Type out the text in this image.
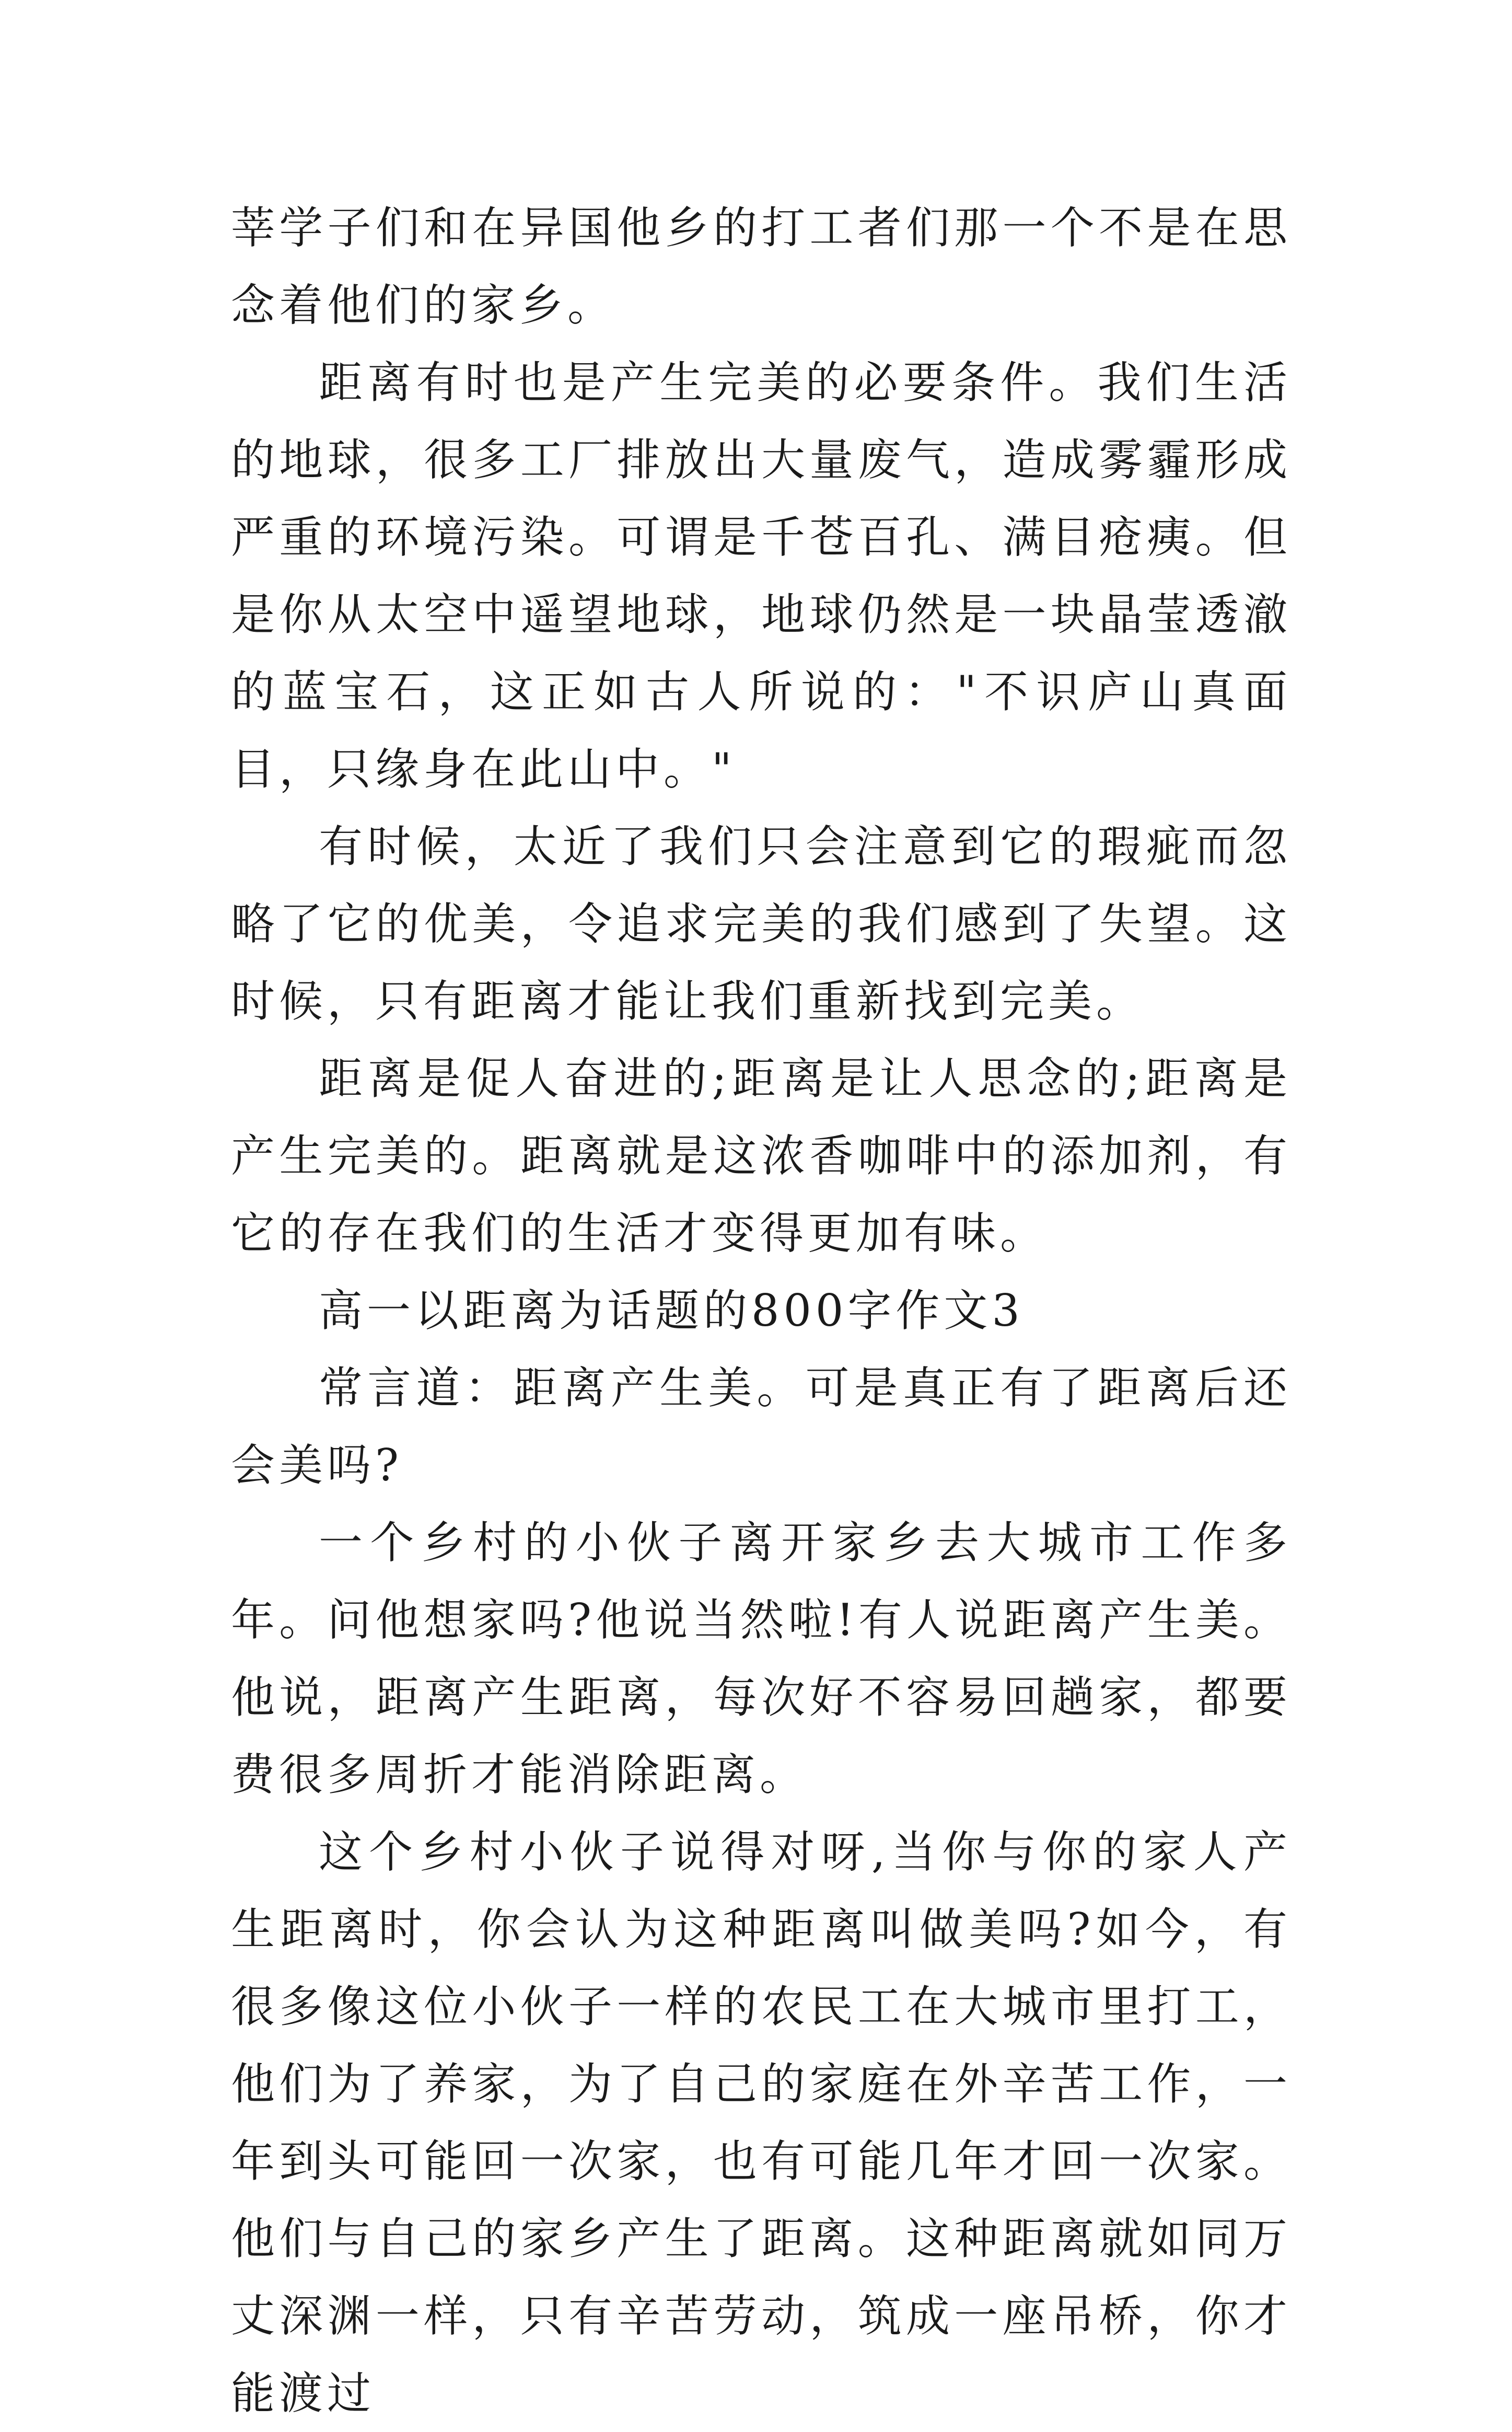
莘学子们和在异国他乡的打工者们那一个不是在思念着他们的家乡。

距离有时也是产生完美的必要条件。我们生活的地球，很多工厂排放出大量废气，造成雾霾形成严重的环境污染。可谓是千苍百孔、满目疮痍。但是你从太空中遥望地球，地球仍然是一块晶莹透澈的蓝宝石，这正如古人所说的："不识庐山真面目，只缘身在此山中。"

有时候，太近了我们只会注意到它的瑕疵而忽略了它的优美，令追求完美的我们感到了失望。这时候，只有距离才能让我们重新找到完美。

距离是促人奋进的;距离是让人思念的;距离是产生完美的。距离就是这浓香咖啡中的添加剂，有它的存在我们的生活才变得更加有味。

高一以距离为话题的800字作文3

常言道：距离产生美。可是真正有了距离后还会美吗?

一个乡村的小伙子离开家乡去大城市工作多年。问他想家吗?他说当然啦!有人说距离产生美。他说，距离产生距离，每次好不容易回趟家，都要费很多周折才能消除距离。

这个乡村小伙子说得对呀,当你与你的家人产生距离时，你会认为这种距离叫做美吗?如今，有很多像这位小伙子一样的农民工在大城市里打工，他们为了养家，为了自己的家庭在外辛苦工作，一年到头可能回一次家，也有可能几年才回一次家。他们与自己的家乡产生了距离。这种距离就如同万丈深渊一样，只有辛苦劳动，筑成一座吊桥，你才能渡过
